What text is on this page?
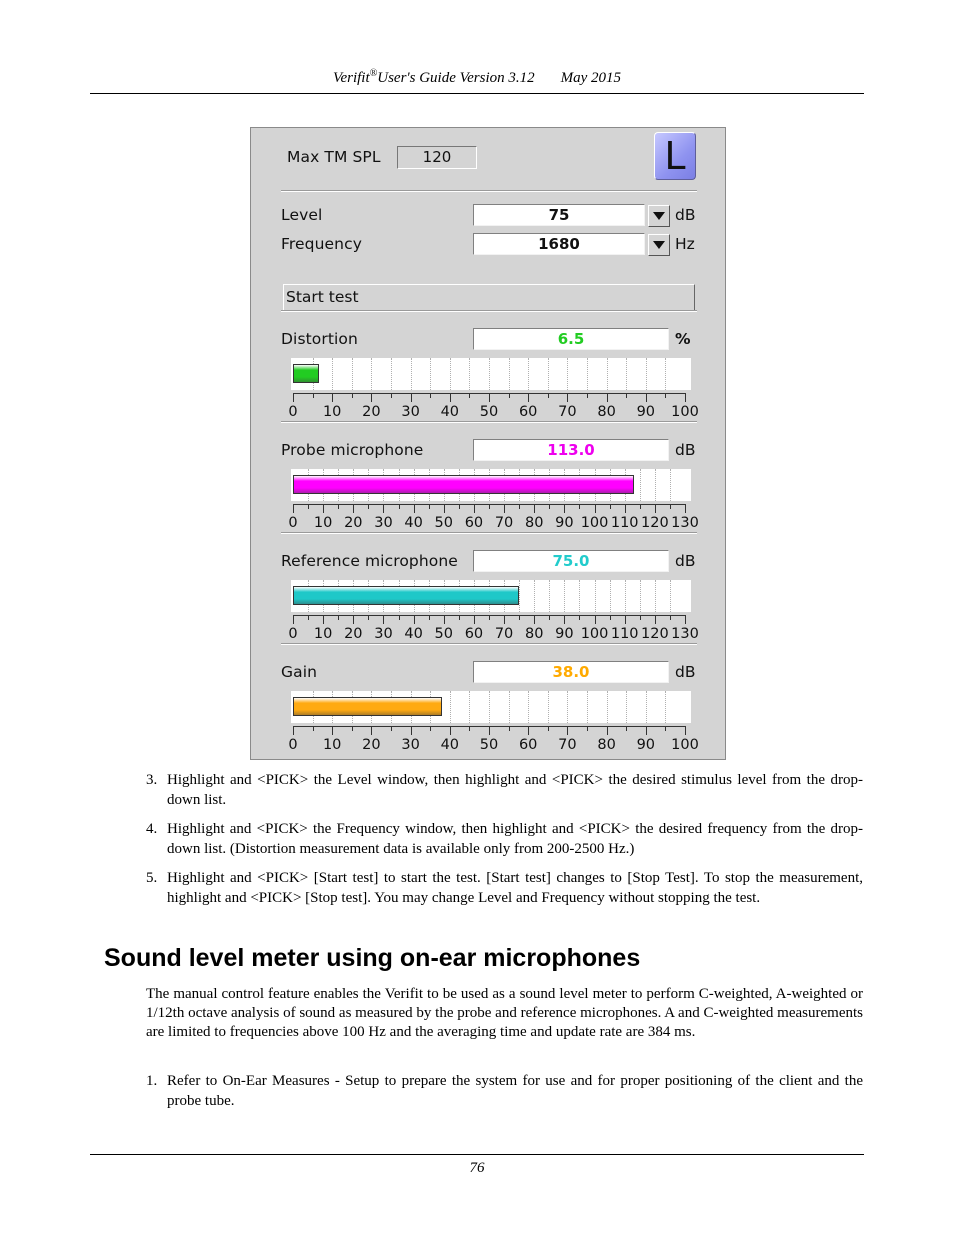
Verifit®User's Guide Version 3.12 May 2015
Max TM SPL	120	L
Level	75	dB
Frequency	1680	Hz
Start test
Distortion	6.5	%
0 10 20 30 40 50 60 70 80 90 100
Probe microphone	113.0	dB
0 10 20 30 40 50 60 70 80 90 100 110 120 130
Reference microphone	75.0	dB
0 10 20 30 40 50 60 70 80 90 100 110 120 130
Gain	38.0	dB
0 10 20 30 40 50 60 70 80 90 100
3. Highlight and <PICK> the Level window, then highlight and <PICK> the desired stimulus level from the drop-down list.
4. Highlight and <PICK> the Frequency window, then highlight and <PICK> the desired frequency from the drop-down list. (Distortion measurement data is available only from 200-2500 Hz.)
5. Highlight and <PICK> [Start test] to start the test. [Start test] changes to [Stop Test]. To stop the measurement, highlight and <PICK> [Stop test]. You may change Level and Frequency without stopping the test.
Sound level meter using on-ear microphones
The manual control feature enables the Verifit to be used as a sound level meter to perform C-weighted, A-weighted or 1/12th octave analysis of sound as measured by the probe and reference microphones. A and C-weighted measurements are limited to frequencies above 100 Hz and the averaging time and update rate are 384 ms.
1. Refer to On-Ear Measures - Setup to prepare the system for use and for proper positioning of the client and the probe tube.
76
